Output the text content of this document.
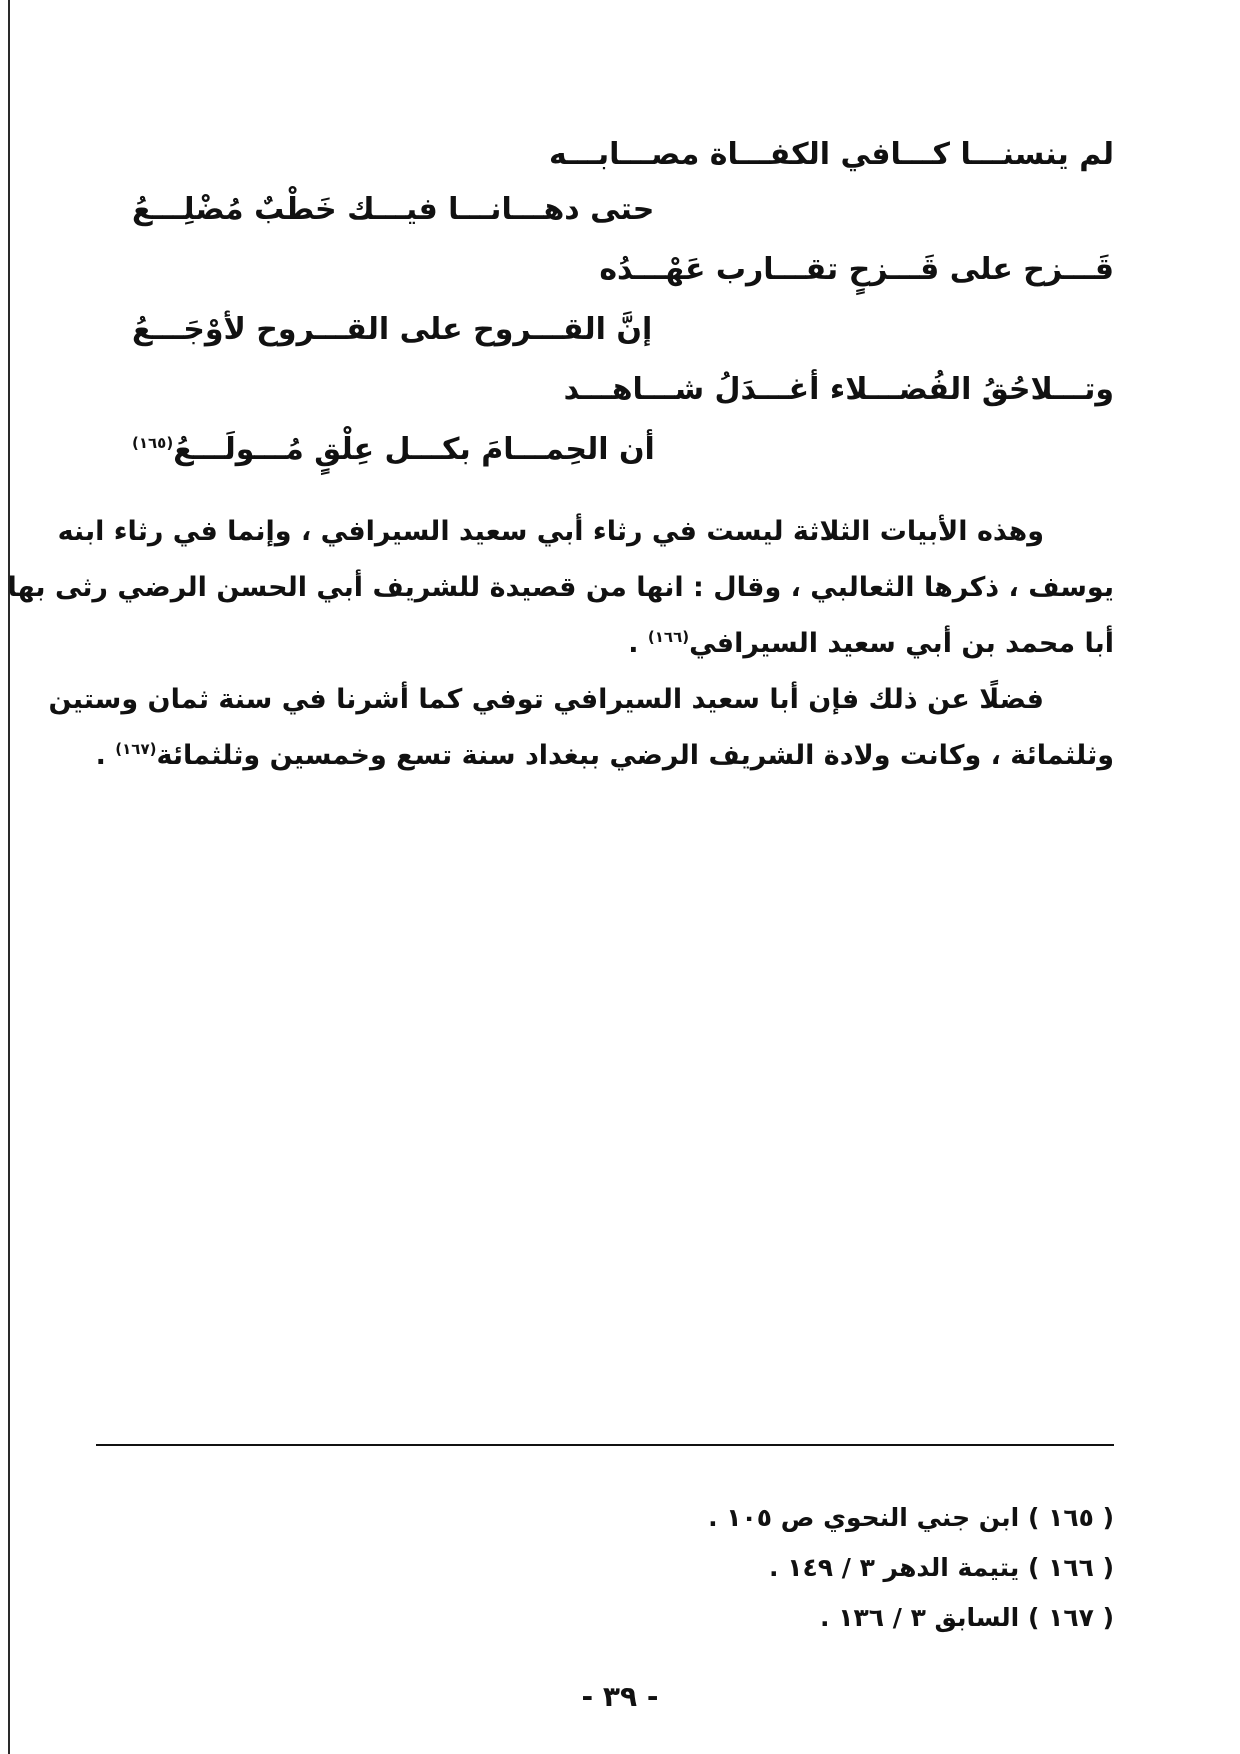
لم ينسنـــا كـــافي الكفـــاة مصـــابـــه
حتى دهـــانـــا فيـــك خَطْبٌ مُضْلِـــعُ
قَـــزح على قَـــزحٍ تقـــارب عَهْـــدُه
إنَّ القـــروح على القـــروح لأوْجَـــعُ
وتـــلاحُقُ الفُضـــلاء أغـــدَلُ شـــاهـــد
أن الحِمـــامَ بكـــل عِلْقٍ مُـــولَـــعُ$^{(١٦٥)}$
وهذه الأبيات الثلاثة ليست في رثاء أبي سعيد السيرافي ، وإنما في رثاء ابنه
يوسف ، ذكرها الثعالبي ، وقال : انها من قصيدة للشريف أبي الحسن الرضي رثى بها
أبا محمد بن أبي سعيد السيرافي$^{(١٦٦)}$ .
فضلًا عن ذلك فإن أبا سعيد السيرافي توفي كما أشرنا في سنة ثمان وستين
وثلثمائة ، وكانت ولادة الشريف الرضي ببغداد سنة تسع وخمسين وثلثمائة$^{(١٦٧)}$ .
( ١٦٥ ) ابن جني النحوي ص ١٠٥ .
( ١٦٦ ) يتيمة الدهر ٣ / ١٤٩ .
( ١٦٧ ) السابق ٣ / ١٣٦ .
- ٣٩ -
